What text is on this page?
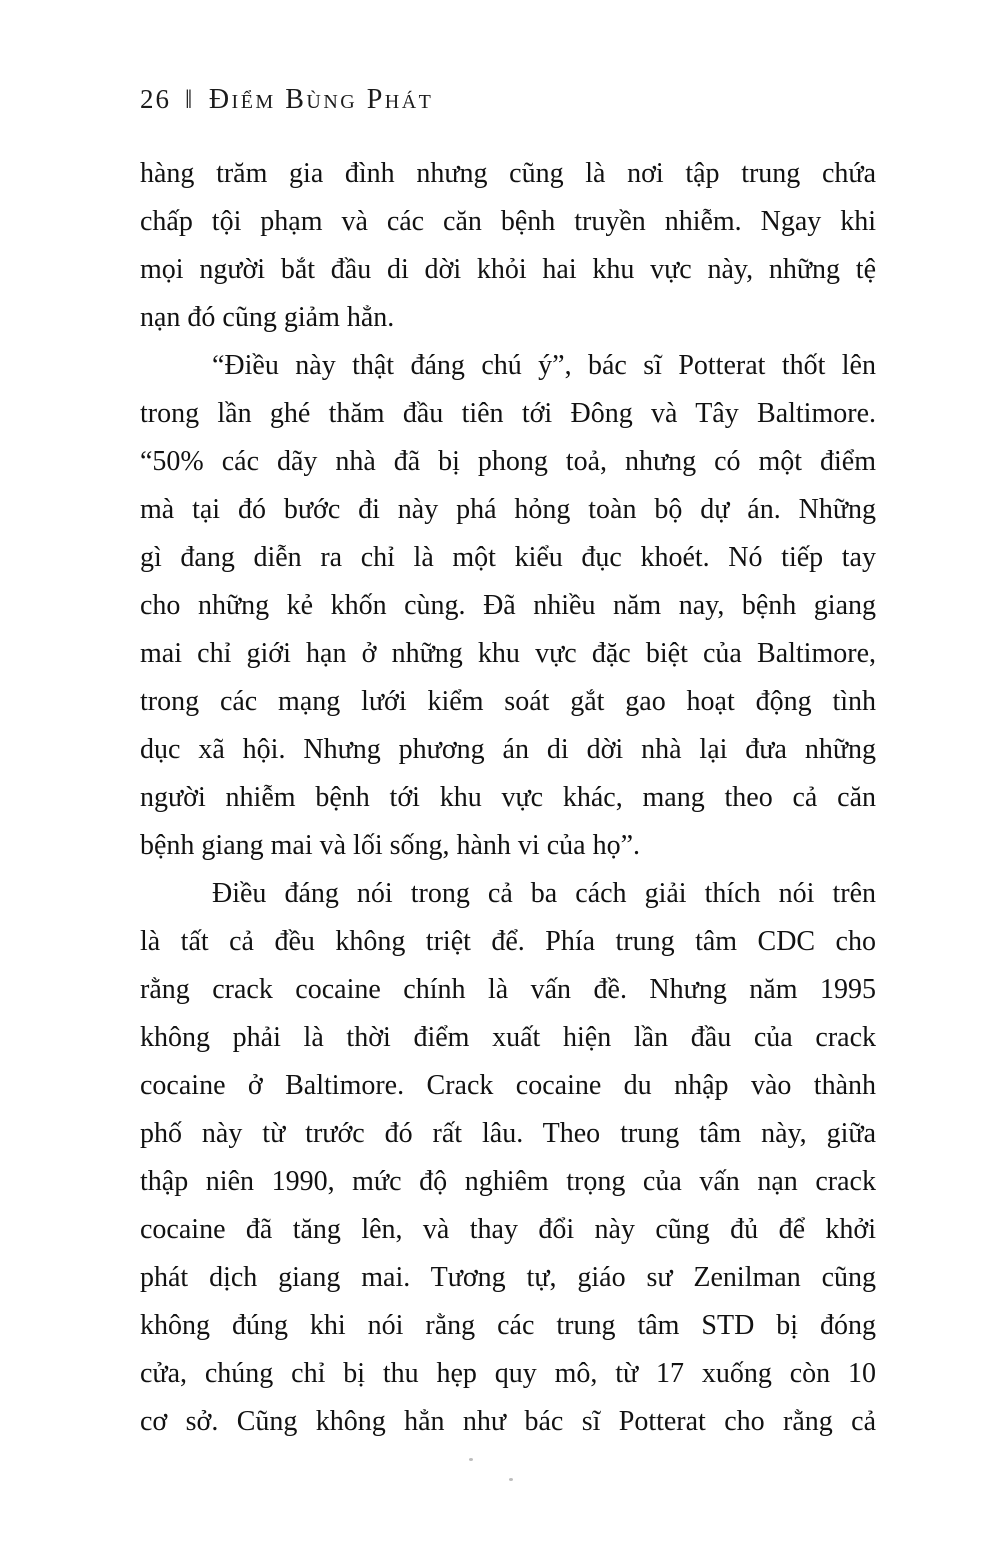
26 ‖ Điểm Bùng Phát
hàng trăm gia đình nhưng cũng là nơi tập trung chứa
chấp tội phạm và các căn bệnh truyền nhiễm. Ngay khi
mọi người bắt đầu di dời khỏi hai khu vực này, những tệ
nạn đó cũng giảm hẳn.
“Điều này thật đáng chú ý”, bác sĩ Potterat thốt lên
trong lần ghé thăm đầu tiên tới Đông và Tây Baltimore.
“50% các dãy nhà đã bị phong toả, nhưng có một điểm
mà tại đó bước đi này phá hỏng toàn bộ dự án. Những
gì đang diễn ra chỉ là một kiểu đục khoét. Nó tiếp tay
cho những kẻ khốn cùng. Đã nhiều năm nay, bệnh giang
mai chỉ giới hạn ở những khu vực đặc biệt của Baltimore,
trong các mạng lưới kiểm soát gắt gao hoạt động tình
dục xã hội. Nhưng phương án di dời nhà lại đưa những
người nhiễm bệnh tới khu vực khác, mang theo cả căn
bệnh giang mai và lối sống, hành vi của họ”.
Điều đáng nói trong cả ba cách giải thích nói trên
là tất cả đều không triệt để. Phía trung tâm CDC cho
rằng crack cocaine chính là vấn đề. Nhưng năm 1995
không phải là thời điểm xuất hiện lần đầu của crack
cocaine ở Baltimore. Crack cocaine du nhập vào thành
phố này từ trước đó rất lâu. Theo trung tâm này, giữa
thập niên 1990, mức độ nghiêm trọng của vấn nạn crack
cocaine đã tăng lên, và thay đổi này cũng đủ để khởi
phát dịch giang mai. Tương tự, giáo sư Zenilman cũng
không đúng khi nói rằng các trung tâm STD bị đóng
cửa, chúng chỉ bị thu hẹp quy mô, từ 17 xuống còn 10
cơ sở. Cũng không hẳn như bác sĩ Potterat cho rằng cả
